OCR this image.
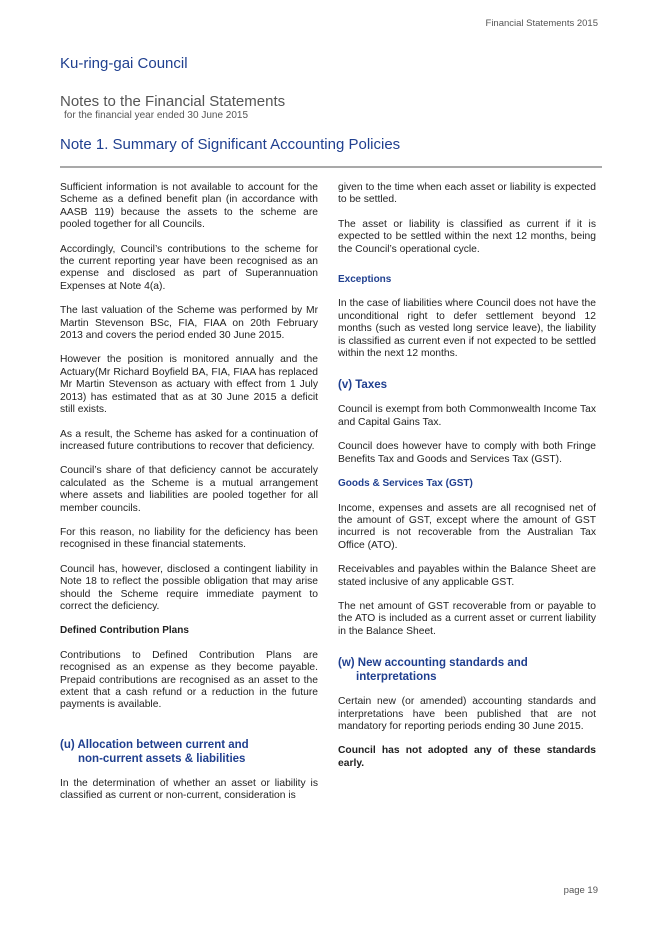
Financial Statements 2015
Ku-ring-gai Council
Notes to the Financial Statements
for the financial year ended 30 June 2015
Note 1. Summary of Significant Accounting Policies

Sufficient information is not available to account for the Scheme as a defined benefit plan (in accordance with AASB 119) because the assets to the scheme are pooled together for all Councils.

Accordingly, Council’s contributions to the scheme for the current reporting year have been recognised as an expense and disclosed as part of Superannuation Expenses at Note 4(a).

The last valuation of the Scheme was performed by Mr Martin Stevenson BSc, FIA, FIAA on 20th February 2013 and covers the period ended 30 June 2015.

However the position is monitored annually and the Actuary(Mr Richard Boyfield BA, FIA, FIAA has replaced Mr Martin Stevenson as actuary with effect from 1 July 2013) has estimated that as at 30 June 2015 a deficit still exists.

As a result, the Scheme has asked for a continuation of increased future contributions to recover that deficiency.

Council’s share of that deficiency cannot be accurately calculated as the Scheme is a mutual arrangement where assets and liabilities are pooled together for all member councils.

For this reason, no liability for the deficiency has been recognised in these financial statements.

Council has, however, disclosed a contingent liability in Note 18 to reflect the possible obligation that may arise should the Scheme require immediate payment to correct the deficiency.

Defined Contribution Plans

Contributions to Defined Contribution Plans are recognised as an expense as they become payable. Prepaid contributions are recognised as an asset to the extent that a cash refund or a reduction in the future payments is available.

(u) Allocation between current and
non-current assets & liabilities

In the determination of whether an asset or liability is classified as current or non-current, consideration is

given to the time when each asset or liability is expected to be settled.

The asset or liability is classified as current if it is expected to be settled within the next 12 months, being the Council’s operational cycle.

Exceptions

In the case of liabilities where Council does not have the unconditional right to defer settlement beyond 12 months (such as vested long service leave), the liability is classified as current even if not expected to be settled within the next 12 months.

(v) Taxes

Council is exempt from both Commonwealth Income Tax and Capital Gains Tax.

Council does however have to comply with both Fringe Benefits Tax and Goods and Services Tax (GST).

Goods & Services Tax (GST)

Income, expenses and assets are all recognised net of the amount of GST, except where the amount of GST incurred is not recoverable from the Australian Tax Office (ATO).

Receivables and payables within the Balance Sheet are stated inclusive of any applicable GST.

The net amount of GST recoverable from or payable to the ATO is included as a current asset or current liability in the Balance Sheet.

(w) New accounting standards and
interpretations

Certain new (or amended) accounting standards and interpretations have been published that are not mandatory for reporting periods ending 30 June 2015.

Council has not adopted any of these standards early.

page 19
